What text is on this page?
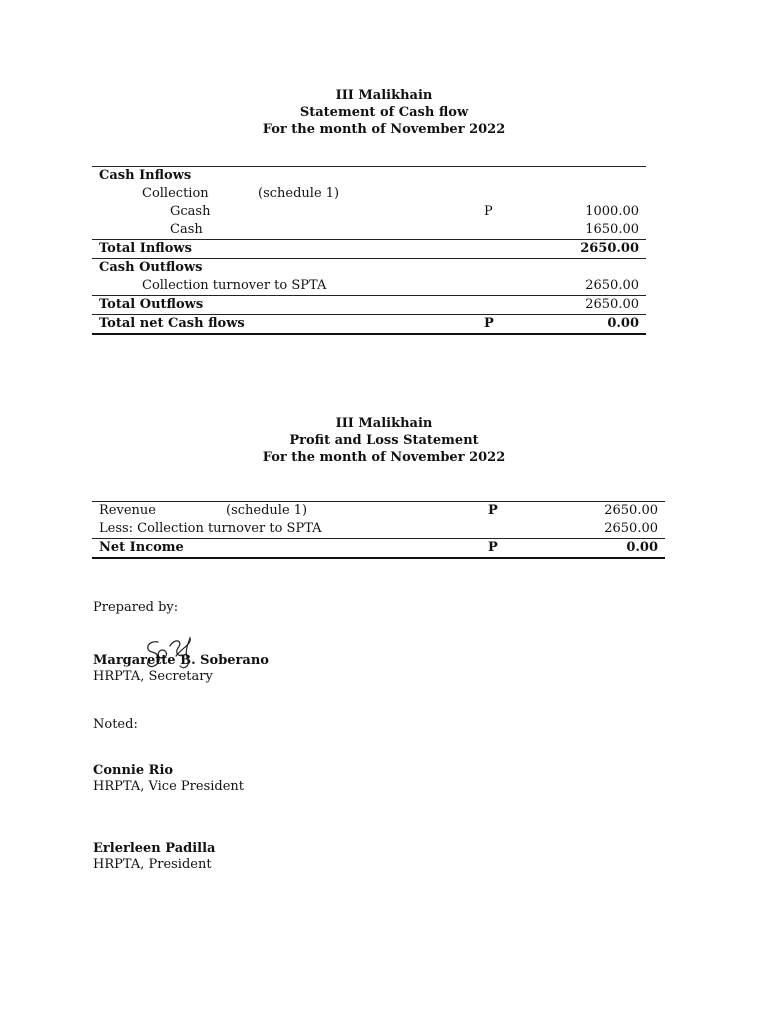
III Malikhain
Statement of Cash flow
For the month of November 2022
Cash Inflows		
Collection (schedule 1)		
Gcash	P	1000.00
Cash		1650.00
Total Inflows		2650.00
Cash Outflows		
Collection turnover to SPTA		2650.00
Total Outflows		2650.00
Total net Cash flows	P	0.00
III Malikhain
Profit and Loss Statement
For the month of November 2022
Revenue (schedule 1)	P	2650.00
Less: Collection turnover to SPTA		2650.00
Net Income	P	0.00
Prepared by:
Margarette B. Soberano
HRPTA, Secretary
Noted:
Connie Rio
HRPTA, Vice President
Erlerleen Padilla
HRPTA, President
